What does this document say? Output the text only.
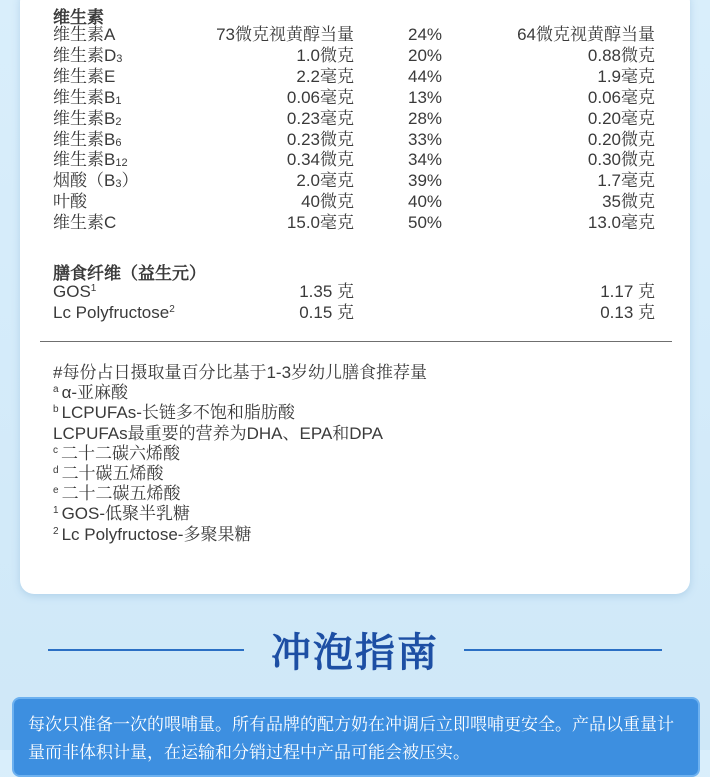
维生素
维生素A	73微克视黄醇当量	24%	64微克视黄醇当量
维生素$D_3$	1.0微克	20%	0.88微克
维生素E	2.2毫克	44%	1.9毫克
维生素$B_1$	0.06毫克	13%	0.06毫克
维生素$B_2$	0.23毫克	28%	0.20毫克
维生素$B_6$	0.23微克	33%	0.20微克
维生素$B_{12}$	0.34微克	34%	0.30微克
烟酸$(B_3)$	2.0毫克	39%	1.7毫克
叶酸	40微克	40%	35微克
维生素C	15.0毫克	50%	13.0毫克
膳食纤维（益生元）
GOS$^1$	1.35 克	1.17 克
Lc Polyfructose$^2$	0.15 克	0.13 克
#每份占日摄取量百分比基于1-3岁幼儿膳食推荐量
$^a$ α-亚麻酸
$^b$ LCPUFAs-长链多不饱和脂肪酸
LCPUFAs最重要的营养为DHA、EPA和DPA
$^c$ 二十二碳六烯酸
$^d$ 二十碳五烯酸
$^e$ 二十二碳五烯酸
$^1$ GOS-低聚半乳糖
$^2$ Lc Polyfructose-多聚果糖
冲泡指南
每次只准备一次的喂哺量。所有品牌的配方奶在冲调后立即喂哺更安全。产品以重量计量而非体积计量，在运输和分销过程中产品可能会被压实。
